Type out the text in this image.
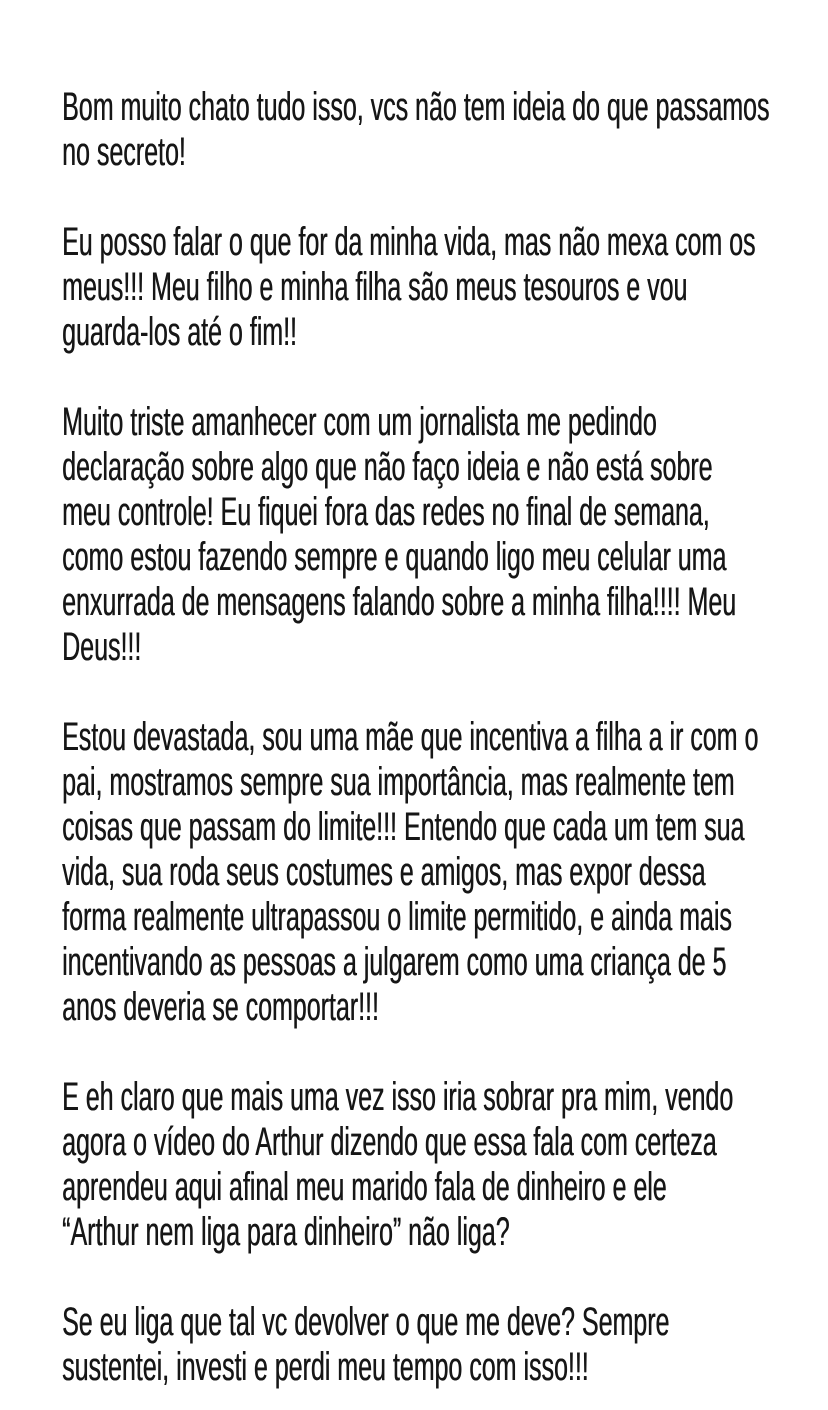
Bom muito chato tudo isso, vcs não tem ideia do que passamos
no secreto!
Eu posso falar o que for da minha vida, mas não mexa com os
meus!!! Meu filho e minha filha são meus tesouros e vou
guarda-los até o fim!!
Muito triste amanhecer com um jornalista me pedindo
declaração sobre algo que não faço ideia e não está sobre
meu controle! Eu fiquei fora das redes no final de semana,
como estou fazendo sempre e quando ligo meu celular uma
enxurrada de mensagens falando sobre a minha filha!!!! Meu
Deus!!!
Estou devastada, sou uma mãe que incentiva a filha a ir com o
pai, mostramos sempre sua importância, mas realmente tem
coisas que passam do limite!!! Entendo que cada um tem sua
vida, sua roda seus costumes e amigos, mas expor dessa
forma realmente ultrapassou o limite permitido, e ainda mais
incentivando as pessoas a julgarem como uma criança de 5
anos deveria se comportar!!!
E eh claro que mais uma vez isso iria sobrar pra mim, vendo
agora o vídeo do Arthur dizendo que essa fala com certeza
aprendeu aqui afinal meu marido fala de dinheiro e ele
“Arthur nem liga para dinheiro” não liga?
Se eu liga que tal vc devolver o que me deve? Sempre
sustentei, investi e perdi meu tempo com isso!!!
